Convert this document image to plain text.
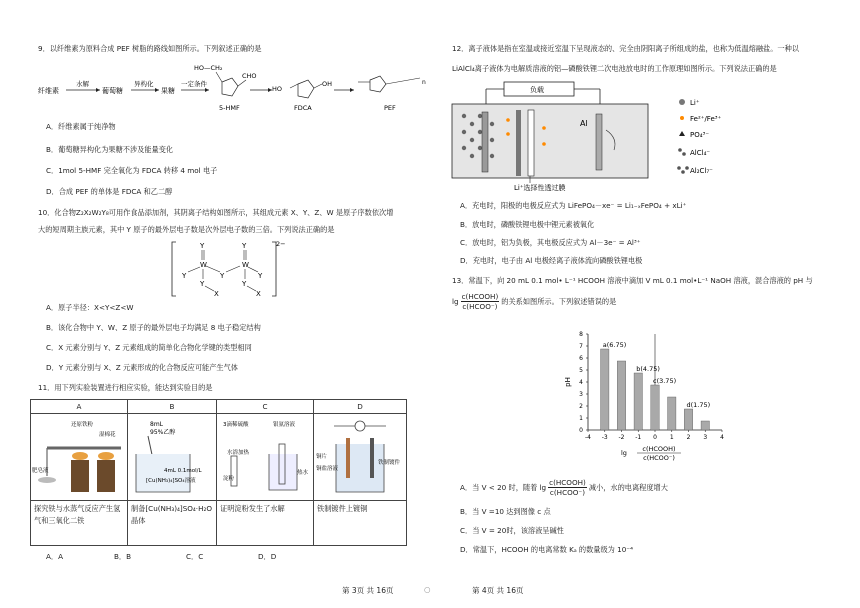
9．以纤维素为原料合成 PEF 树脂的路线如图所示。下列叙述正确的是
纤维素
水解
葡萄糖
异构化
果糖
一定条件
HO—CH₂
CHO
5-HMF
HO
OH
FDCA
n
PEF
A．纤维素属于纯净物
B．葡萄糖异构化为果糖不涉及能量变化
C．1mol 5-HMF 完全氧化为 FDCA 转移 4 mol 电子
D．合成 PEF 的单体是 FDCA 和乙二醇
10．化合物Z₂X₂W₂Y₈可用作食品添加剂，其阴离子结构如图所示，其组成元素 X、Y、Z、W 是原子序数依次增
大的短周期主族元素，其中 Y 原子的最外层电子数是次外层电子数的三倍。下列说法正确的是
2−
Y	Y
W	W
Y
Y	Y
Y	Y
X	X
A．原子半径：X<Y<Z<W
B．该化合物中 Y、W、Z 原子的最外层电子均满足 8 电子稳定结构
C．X 元素分别与 Y、Z 元素组成的简单化合物化学键的类型相同
D．Y 元素分别与 X、Z 元素形成的化合物反应可能产生气体
11．用下列实验装置进行相应实验，能达到实验目的是
A	B	C	D

还原铁粉
湿棉花
肥皂液	8mL
95%乙醇
4mL 0.1mol/L
[Cu(NH₃)₄]SO₄溶液	3滴稀硫酸 银氨溶液
水浴加热
淀粉
热水	铜片
铜盐溶液
铁制镀件

探究铁与水蒸气反应产生氢气和三氧化二铁	制备[Cu(NH₃)₄]SO₄·H₂O 晶体	证明淀粉发生了水解	铁制镀件上镀铜
A．A	B．B	C．C	D．D
第 3页 共 16页	○
12．离子液体是指在室温或接近室温下呈现液态的、完全由阴阳离子所组成的盐，也称为低温熔融盐。一种以
LiAlCl₄离子液体为电解质溶液的铝—磷酸铁锂二次电池放电时的工作原理如图所示。下列说法正确的是
负载
Al
Li⁺选择性透过膜
Li⁺
Fe²⁺/Fe³⁺
PO₄³⁻
AlCl₄⁻
Al₂Cl₇⁻
A．充电时，阳极的电极反应式为 LiFePO₄－xe⁻ = Li₁₋ₓFePO₄ + xLi⁺
B．放电时，磷酸铁锂电极中锂元素被氧化
C．放电时，铝为负极，其电极反应式为 Al－3e⁻ = Al³⁺
D．充电时，电子由 Al 电极经离子液体流向磷酸铁锂电极
13．常温下，向 20 mL 0.1 mol• L⁻¹ HCOOH 溶液中滴加 V mL 0.1 mol•L⁻¹ NaOH 溶液，混合溶液的 pH 与
lg
c(HCOOH)
c(HCOO⁻)
的关系如图所示。下列叙述错误的是
0
1
2
3
4
5
6
7
8
-4 -3 -2 -1 0 1 2 3 4
a(6.75)
b(4.75)
c(3.75)
d(1.75)
pH
lg c(HCOOH)
c(HCOO⁻)
A．当 V < 20 时，随着 lg c(HCOOH)
c(HCOO⁻)
减小，水的电离程度增大
B．当 V =10 达到图像 c 点
C．当 V = 20时，该溶液呈碱性
D．常温下，HCOOH 的电离常数 Kₐ 的数量级为 10⁻⁴
第 4页 共 16页
